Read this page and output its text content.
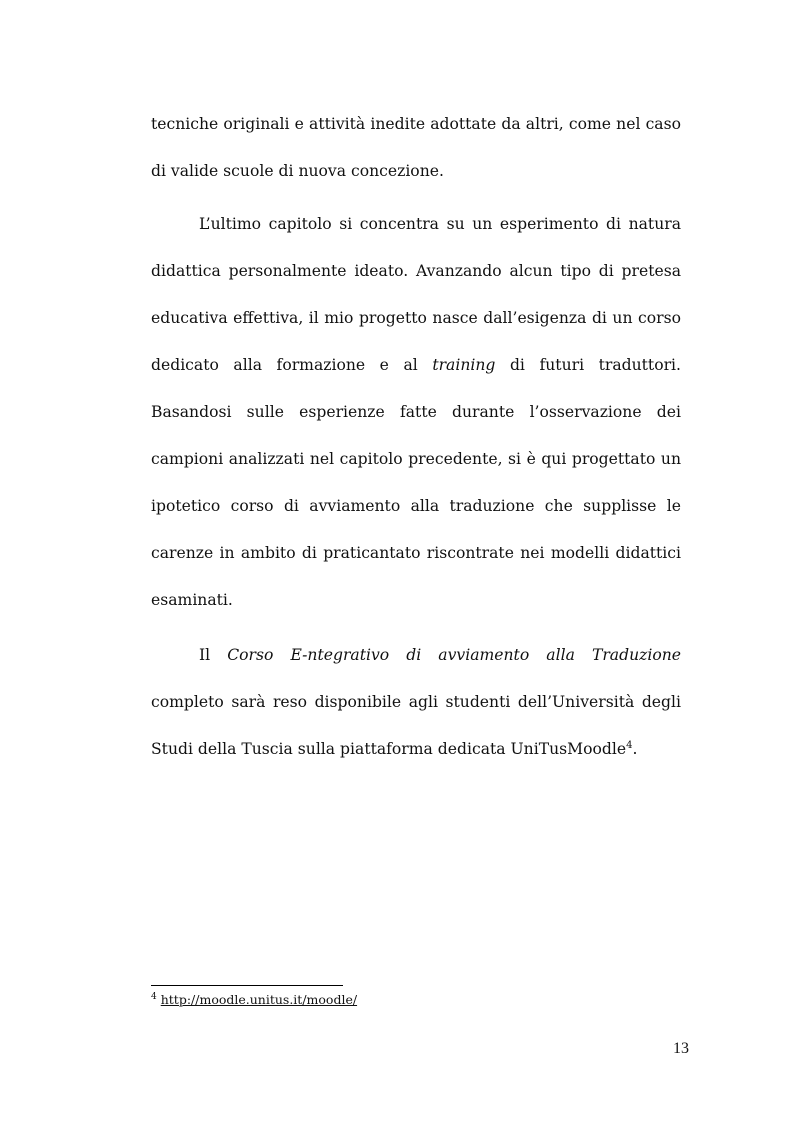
tecniche originali e attività inedite adottate da altri, come nel caso di valide scuole di nuova concezione.

L’ultimo capitolo si concentra su un esperimento di natura didattica personalmente ideato. Avanzando alcun tipo di pretesa educativa effettiva, il mio progetto nasce dall’esigenza di un corso dedicato alla formazione e al training di futuri traduttori. Basandosi sulle esperienze fatte durante l’osservazione dei campioni analizzati nel capitolo precedente, si è qui progettato un ipotetico corso di avviamento alla traduzione che supplisse le carenze in ambito di praticantato riscontrate nei modelli didattici esaminati.

Il Corso E-ntegrativo di avviamento alla Traduzione completo sarà reso disponibile agli studenti dell’Università degli Studi della Tuscia sulla piattaforma dedicata UniTusMoodle$^4$.

$^4$ http://moodle.unitus.it/moodle/
13
